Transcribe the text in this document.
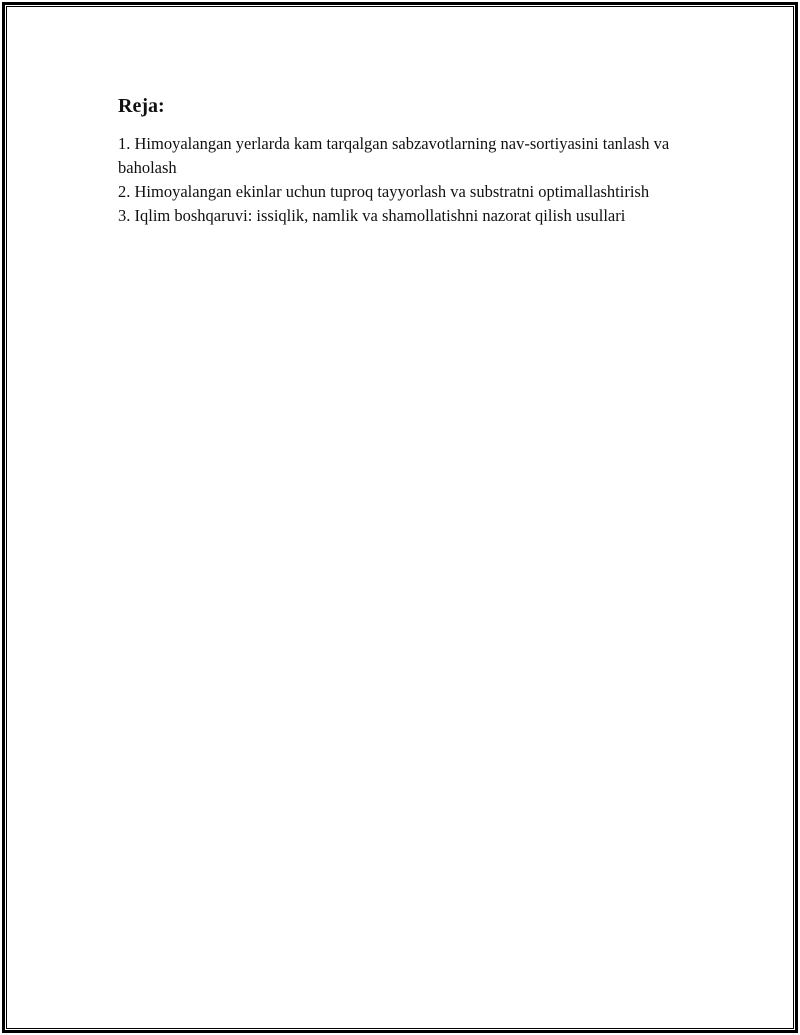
Reja:
1. Himoyalangan yerlarda kam tarqalgan sabzavotlarning nav-sortiyasini tanlash va baholash
2. Himoyalangan ekinlar uchun tuproq tayyorlash va substratni optimallashtirish
3. Iqlim boshqaruvi: issiqlik, namlik va shamollatishni nazorat qilish usullari
